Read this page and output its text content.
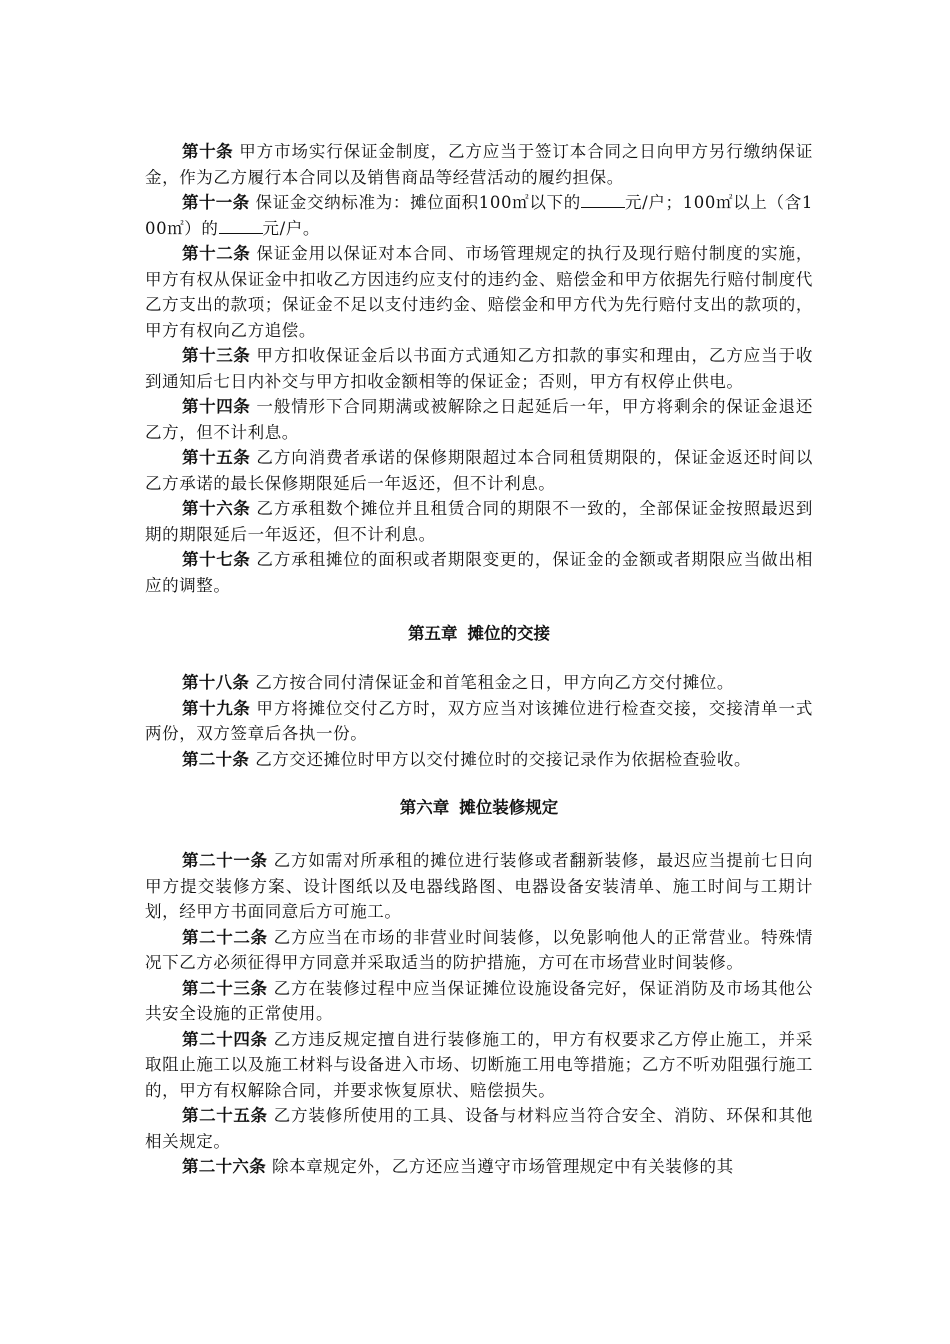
第十条 甲方市场实行保证金制度，乙方应当于签订本合同之日向甲方另行缴纳保证金，作为乙方履行本合同以及销售商品等经营活动的履约担保。

第十一条 保证金交纳标准为：摊位面积100㎡以下的	元/户；100㎡以上（含100㎡）的	元/户。

第十二条 保证金用以保证对本合同、市场管理规定的执行及现行赔付制度的实施，甲方有权从保证金中扣收乙方因违约应支付的违约金、赔偿金和甲方依据先行赔付制度代乙方支出的款项；保证金不足以支付违约金、赔偿金和甲方代为先行赔付支出的款项的，甲方有权向乙方追偿。

第十三条 甲方扣收保证金后以书面方式通知乙方扣款的事实和理由，乙方应当于收到通知后七日内补交与甲方扣收金额相等的保证金；否则，甲方有权停止供电。

第十四条 一般情形下合同期满或被解除之日起延后一年，甲方将剩余的保证金退还乙方，但不计利息。

第十五条 乙方向消费者承诺的保修期限超过本合同租赁期限的，保证金返还时间以乙方承诺的最长保修期限延后一年返还，但不计利息。

第十六条 乙方承租数个摊位并且租赁合同的期限不一致的，全部保证金按照最迟到期的期限延后一年返还，但不计利息。

第十七条 乙方承租摊位的面积或者期限变更的，保证金的金额或者期限应当做出相应的调整。

第五章 摊位的交接

第十八条 乙方按合同付清保证金和首笔租金之日，甲方向乙方交付摊位。

第十九条 甲方将摊位交付乙方时，双方应当对该摊位进行检查交接，交接清单一式两份，双方签章后各执一份。

第二十条 乙方交还摊位时甲方以交付摊位时的交接记录作为依据检查验收。

第六章 摊位装修规定

第二十一条 乙方如需对所承租的摊位进行装修或者翻新装修，最迟应当提前七日向甲方提交装修方案、设计图纸以及电器线路图、电器设备安装清单、施工时间与工期计划，经甲方书面同意后方可施工。

第二十二条 乙方应当在市场的非营业时间装修，以免影响他人的正常营业。特殊情况下乙方必须征得甲方同意并采取适当的防护措施，方可在市场营业时间装修。

第二十三条 乙方在装修过程中应当保证摊位设施设备完好，保证消防及市场其他公共安全设施的正常使用。

第二十四条 乙方违反规定擅自进行装修施工的，甲方有权要求乙方停止施工，并采取阻止施工以及施工材料与设备进入市场、切断施工用电等措施；乙方不听劝阻强行施工的，甲方有权解除合同，并要求恢复原状、赔偿损失。

第二十五条 乙方装修所使用的工具、设备与材料应当符合安全、消防、环保和其他相关规定。

第二十六条 除本章规定外，乙方还应当遵守市场管理规定中有关装修的其
